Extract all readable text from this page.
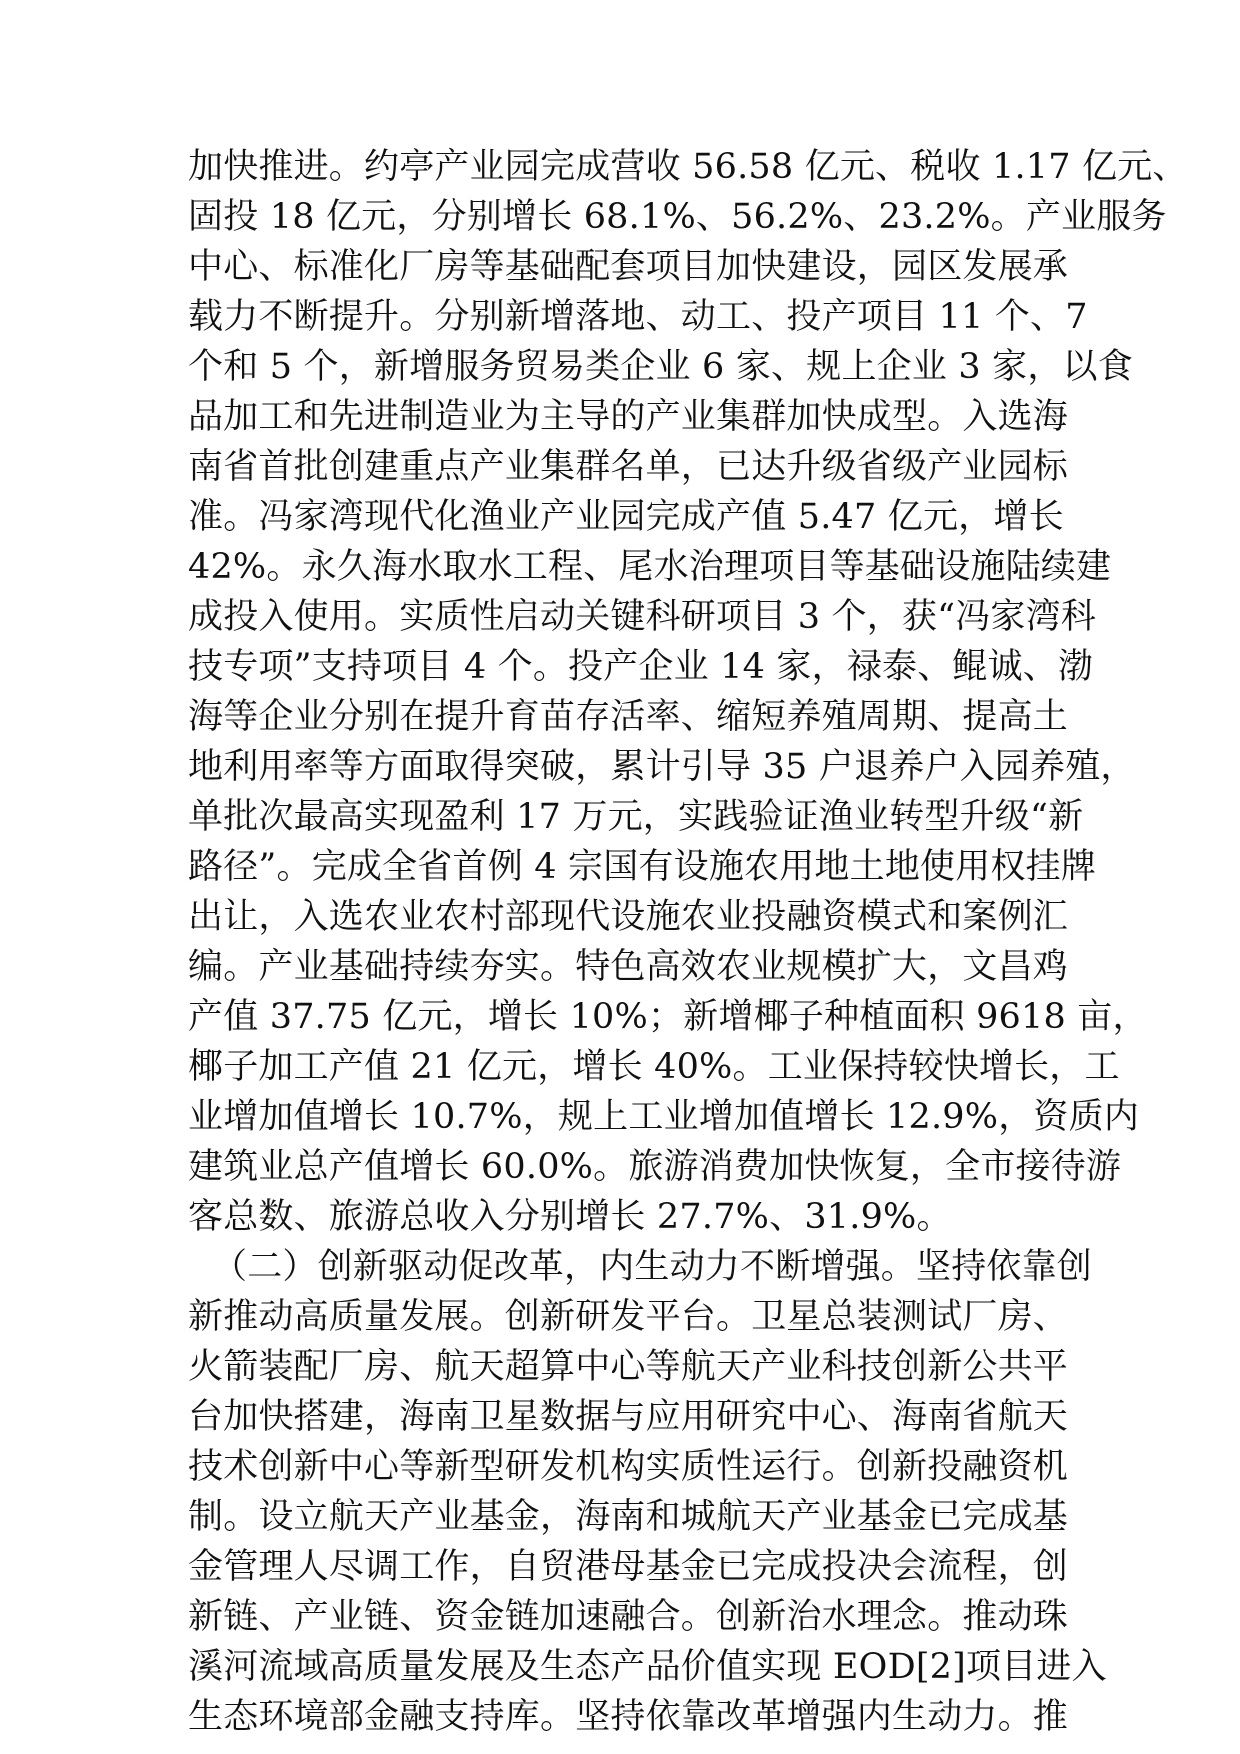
加快推进。约亭产业园完成营收 56.58 亿元、税收 1.17 亿元、
固投 18 亿元，分别增长 68.1%、56.2%、23.2%。产业服务
中心、标准化厂房等基础配套项目加快建设，园区发展承
载力不断提升。分别新增落地、动工、投产项目 11 个、7
个和 5 个，新增服务贸易类企业 6 家、规上企业 3 家，以食
品加工和先进制造业为主导的产业集群加快成型。入选海
南省首批创建重点产业集群名单，已达升级省级产业园标
准。冯家湾现代化渔业产业园完成产值 5.47 亿元，增长
42%。永久海水取水工程、尾水治理项目等基础设施陆续建
成投入使用。实质性启动关键科研项目 3 个，获“冯家湾科
技专项”支持项目 4 个。投产企业 14 家，禄泰、鲲诚、渤
海等企业分别在提升育苗存活率、缩短养殖周期、提高土
地利用率等方面取得突破，累计引导 35 户退养户入园养殖，
单批次最高实现盈利 17 万元，实践验证渔业转型升级“新
路径”。完成全省首例 4 宗国有设施农用地土地使用权挂牌
出让，入选农业农村部现代设施农业投融资模式和案例汇
编。产业基础持续夯实。特色高效农业规模扩大，文昌鸡
产值 37.75 亿元，增长 10%；新增椰子种植面积 9618 亩，
椰子加工产值 21 亿元，增长 40%。工业保持较快增长，工
业增加值增长 10.7%，规上工业增加值增长 12.9%，资质内
建筑业总产值增长 60.0%。旅游消费加快恢复，全市接待游
客总数、旅游总收入分别增长 27.7%、31.9%。
（二）创新驱动促改革，内生动力不断增强。坚持依靠创
新推动高质量发展。创新研发平台。卫星总装测试厂房、
火箭装配厂房、航天超算中心等航天产业科技创新公共平
台加快搭建，海南卫星数据与应用研究中心、海南省航天
技术创新中心等新型研发机构实质性运行。创新投融资机
制。设立航天产业基金，海南和城航天产业基金已完成基
金管理人尽调工作，自贸港母基金已完成投决会流程，创
新链、产业链、资金链加速融合。创新治水理念。推动珠
溪河流域高质量发展及生态产品价值实现 EOD[2]项目进入
生态环境部金融支持库。坚持依靠改革增强内生动力。推
